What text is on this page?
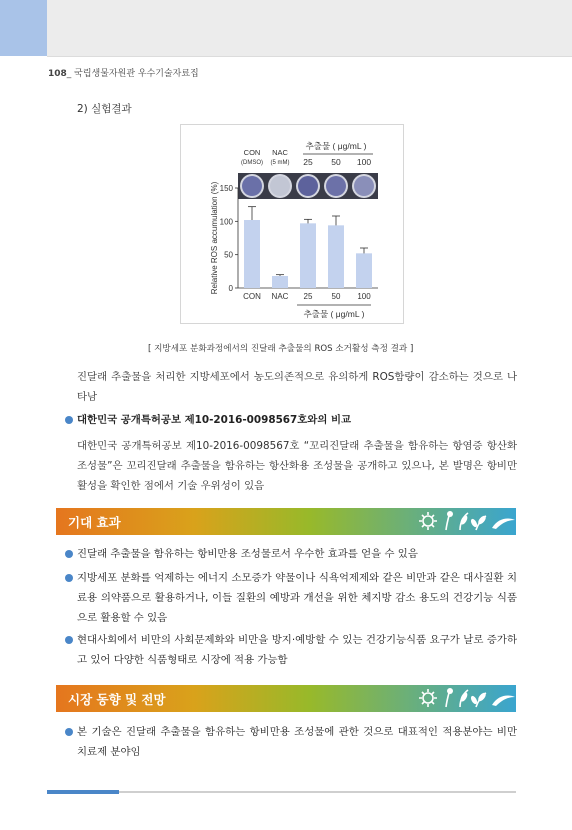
108_ 국립생물자원관 우수기술자료집
2) 실험결과
추출물 ( μg/mL )
CON
(DMSO)
NAC
(5 mM) 25 50 100
0
50
100
150
CON NAC 25 50 100
Relative ROS accumulation (%)
추출물 ( μg/mL )
[ 지방세포 분화과정에서의 진달래 추출물의 ROS 소거활성 측정 결과 ]
진달래 추출물을 처리한 지방세포에서 농도의존적으로 유의하게 ROS함량이 감소하는 것으로 나타남
대한민국 공개특허공보 제10-2016-0098567호와의 비교
대한민국 공개특허공보 제10-2016-0098567호 “꼬리진달래 추출물을 함유하는 항염증 항산화 조성물”은 꼬리진달래 추출물을 함유하는 항산화용 조성물을 공개하고 있으나, 본 발명은 항비만 활성을 확인한 점에서 기술 우위성이 있음
기대 효과
진달래 추출물을 함유하는 항비만용 조성물로서 우수한 효과를 얻을 수 있음
지방세포 분화를 억제하는 에너지 소모증가 약물이나 식욕억제제와 같은 비만과 같은 대사질환 치료용 의약품으로 활용하거나, 이들 질환의 예방과 개선을 위한 체지방 감소 용도의 건강기능 식품으로 활용할 수 있음
현대사회에서 비만의 사회문제화와 비만을 방지·예방할 수 있는 건강기능식품 요구가 날로 증가하고 있어 다양한 식품형태로 시장에 적용 가능함
시장 동향 및 전망
본 기술은 진달래 추출물을 함유하는 항비만용 조성물에 관한 것으로 대표적인 적용분야는 비만 치료제 분야임
